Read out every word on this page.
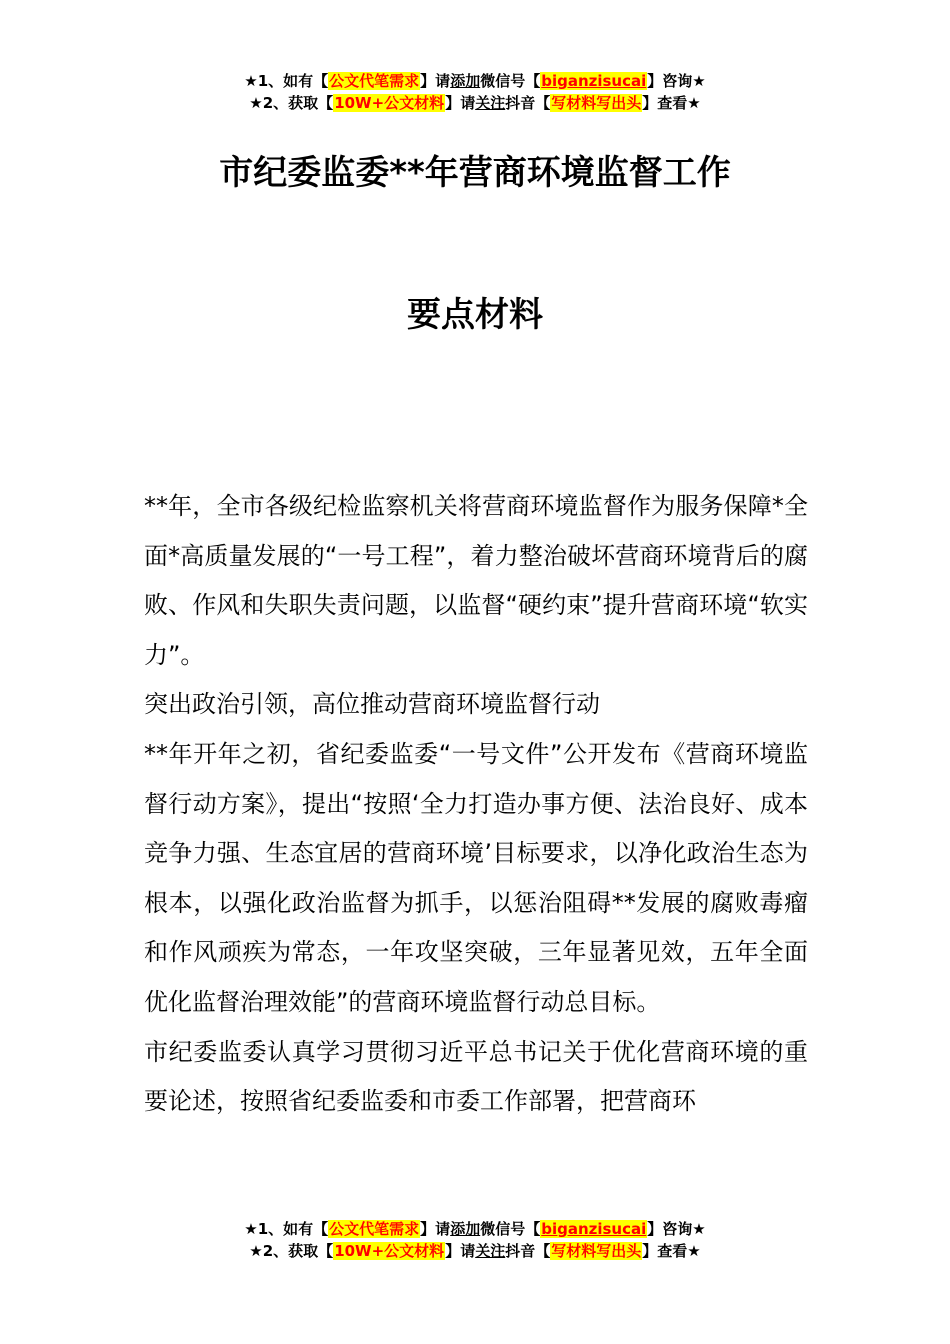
★1、如有【公文代笔需求】请添加微信号【biganzisucai】咨询★
★2、获取【10W+公文材料】请关注抖音【写材料写出头】查看★
市纪委监委**年营商环境监督工作
要点材料

**年，全市各级纪检监察机关将营商环境监督作为服务保障*全面*高质量发展的“一号工程”，着力整治破坏营商环境背后的腐败、作风和失职失责问题，以监督“硬约束”提升营商环境“软实力”。

突出政治引领，高位推动营商环境监督行动

**年开年之初，省纪委监委“一号文件”公开发布《营商环境监督行动方案》，提出“按照‘全力打造办事方便、法治良好、成本竞争力强、生态宜居的营商环境’目标要求，以净化政治生态为根本，以强化政治监督为抓手，以惩治阻碍**发展的腐败毒瘤和作风顽疾为常态，一年攻坚突破，三年显著见效，五年全面优化监督治理效能”的营商环境监督行动总目标。

市纪委监委认真学习贯彻习近平总书记关于优化营商环境的重要论述，按照省纪委监委和市委工作部署，把营商环

★1、如有【公文代笔需求】请添加微信号【biganzisucai】咨询★
★2、获取【10W+公文材料】请关注抖音【写材料写出头】查看★
